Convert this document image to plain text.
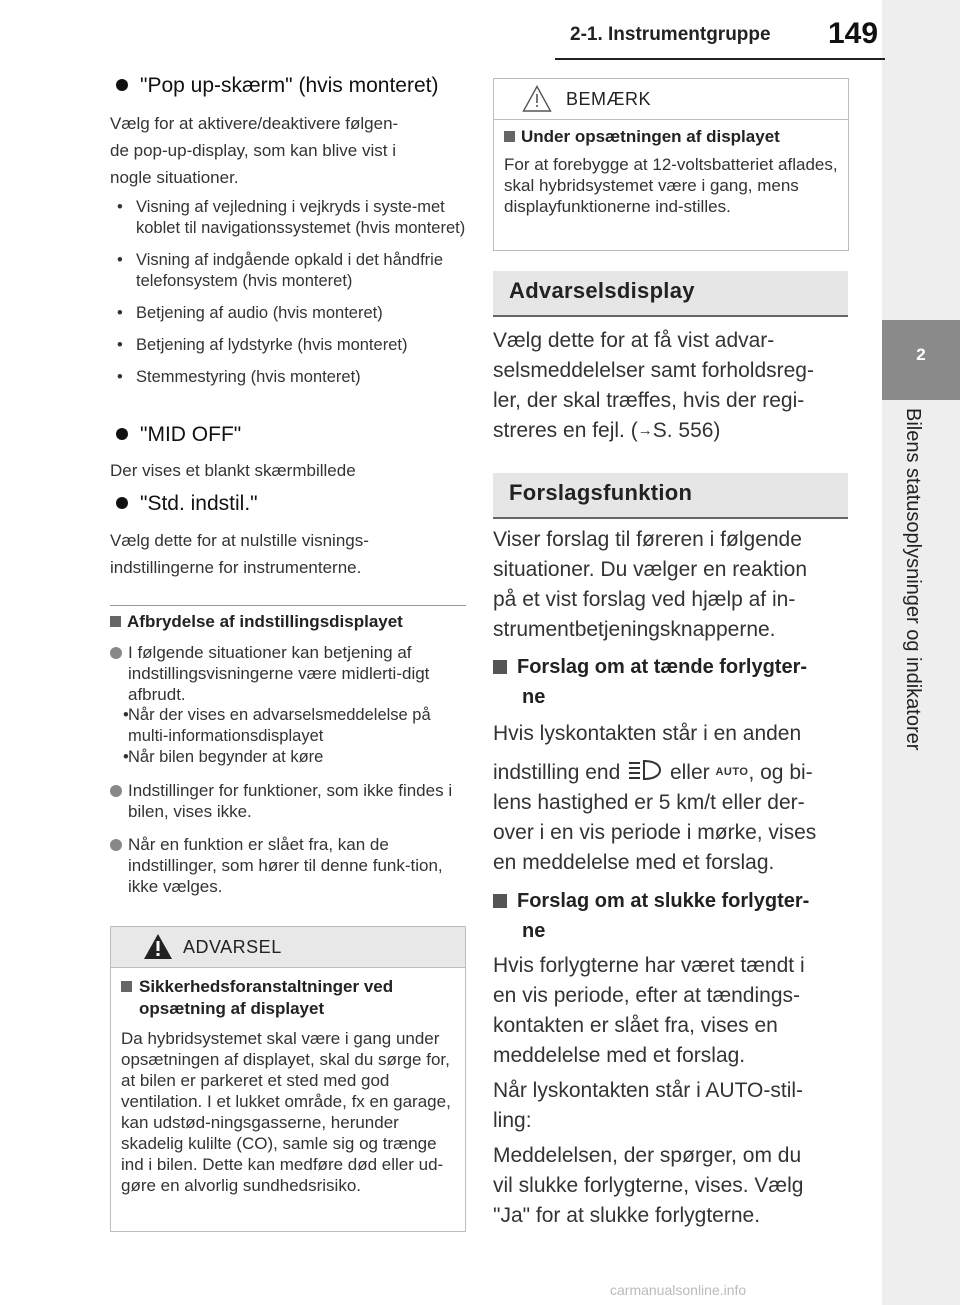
2
Bilens statusoplysninger og indikatorer
2-1. Instrumentgruppe 149
"Pop up-skærm" (hvis monteret)
Vælg for at aktivere/deaktivere følgen-
de pop-up-display, som kan blive vist i
nogle situationer.
• Visning af vejledning i vejkryds i syste-met koblet til navigationssystemet (hvis monteret)
• Visning af indgående opkald i det håndfrie telefonsystem (hvis monteret)
• Betjening af audio (hvis monteret)
• Betjening af lydstyrke (hvis monteret)
• Stemmestyring (hvis monteret)
"MID OFF"
Der vises et blankt skærmbillede
"Std. indstil."
Vælg dette for at nulstille visnings-
indstillingerne for instrumenterne.
Afbrydelse af indstillingsdisplayet
I følgende situationer kan betjening af indstillingsvisningerne være midlerti-digt afbrudt.
• Når der vises en advarselsmeddelelse på multi-informationsdisplayet
• Når bilen begynder at køre
Indstillinger for funktioner, som ikke findes i bilen, vises ikke.
Når en funktion er slået fra, kan de indstillinger, som hører til denne funk-tion, ikke vælges.
ADVARSEL
Sikkerhedsforanstaltninger ved opsætning af displayet
Da hybridsystemet skal være i gang under opsætningen af displayet, skal du sørge for, at bilen er parkeret et sted med god ventilation. I et lukket område, fx en garage, kan udstød-ningsgasserne, herunder skadelig kulilte (CO), samle sig og trænge ind i bilen. Dette kan medføre død eller ud-gøre en alvorlig sundhedsrisiko.
BEMÆRK
Under opsætningen af displayet
For at forebygge at 12-voltsbatteriet aflades, skal hybridsystemet være i gang, mens displayfunktionerne ind-stilles.
Advarselsdisplay
Vælg dette for at få vist advar-
selsmeddelelser samt forholdsreg-
ler, der skal træffes, hvis der regi-
streres en fejl. (→S. 556)
Forslagsfunktion
Viser forslag til føreren i følgende
situationer. Du vælger en reaktion
på et vist forslag ved hjælp af in-
strumentbetjeningsknapperne.
Forslag om at tænde forlygter-
ne
Hvis lyskontakten står i en anden
indstilling end eller AUTO, og bi-
lens hastighed er 5 km/t eller der-
over i en vis periode i mørke, vises
en meddelelse med et forslag.
Forslag om at slukke forlygter-
ne
Hvis forlygterne har været tændt i
en vis periode, efter at tændings-
kontakten er slået fra, vises en
meddelelse med et forslag.
Når lyskontakten står i AUTO-stil-
ling:
Meddelelsen, der spørger, om du
vil slukke forlygterne, vises. Vælg
"Ja" for at slukke forlygterne.
carmanualsonline.info
